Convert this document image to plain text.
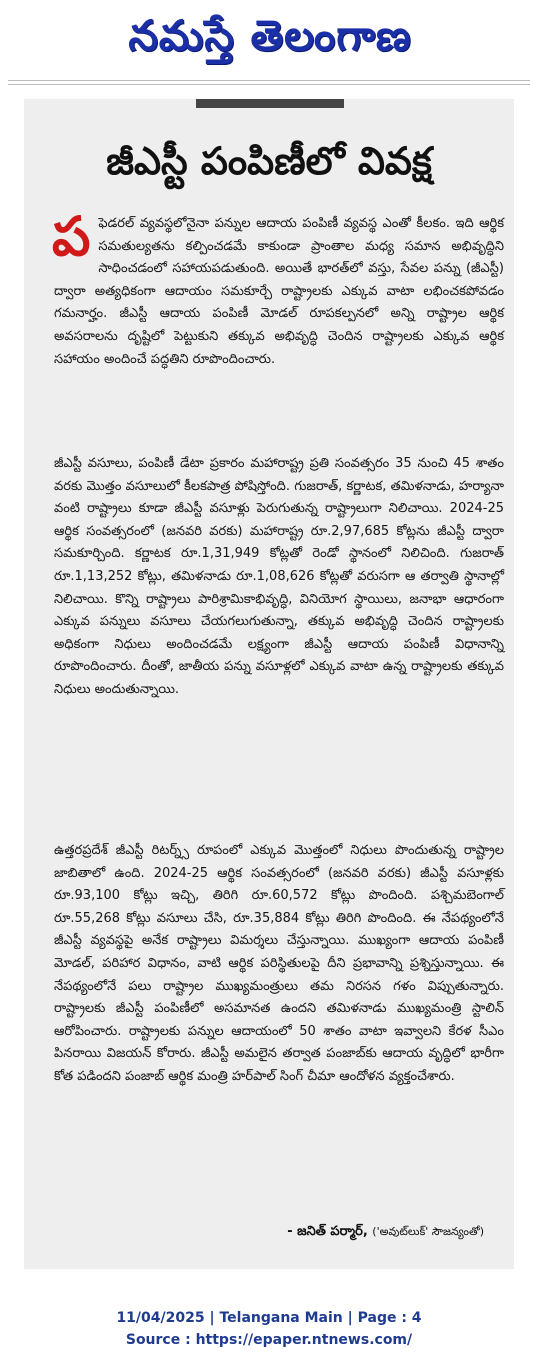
నమస్తే తెలంగాణ
జీఎస్టీ పంపిణీలో వివక్ష
పఫెడరల్ వ్యవస్థలోనైనా పన్నుల ఆదాయ పంపిణీ వ్యవస్థ ఎంతో కీలకం. ఇది ఆర్థిక సమతుల్యతను కల్పించడమే కాకుండా ప్రాంతాల మధ్య సమాన అభివృద్ధిని సాధించడంలో సహాయపడుతుంది. అయితే భారత్‌లో వస్తు, సేవల పన్ను (జీఎస్టీ) ద్వారా అత్యధికంగా ఆదాయం సమకూర్చే రాష్ట్రాలకు ఎక్కువ వాటా లభించకపోవడం గమనార్హం. జీఎస్టీ ఆదాయ పంపిణీ మోడల్ రూపకల్పనలో అన్ని రాష్ట్రాల ఆర్థిక అవసరాలను దృష్టిలో పెట్టుకుని తక్కువ అభివృద్ధి చెందిన రాష్ట్రాలకు ఎక్కువ ఆర్థిక సహాయం అందించే పద్ధతిని రూపొందించారు.
జీఎస్టీ వసూలు, పంపిణీ డేటా ప్రకారం మహారాష్ట్ర ప్రతి సంవత్సరం 35 నుంచి 45 శాతం వరకు మొత్తం వసూలులో కీలకపాత్ర పోషిస్తోంది. గుజరాత్, కర్ణాటక, తమిళనాడు, హర్యానా వంటి రాష్ట్రాలు కూడా జీఎస్టీ వసూళ్లు పెరుగుతున్న రాష్ట్రాలుగా నిలిచాయి. 2024-25 ఆర్థిక సంవత్సరంలో (జనవరి వరకు) మహారాష్ట్ర రూ.2,97,685 కోట్లను జీఎస్టీ ద్వారా సమకూర్చింది. కర్ణాటక రూ.1,31,949 కోట్లతో రెండో స్థానంలో నిలిచింది. గుజరాత్ రూ.1,13,252 కోట్లు, తమిళనాడు రూ.1,08,626 కోట్లతో వరుసగా ఆ తర్వాతి స్థానాల్లో నిలిచాయి. కొన్ని రాష్ట్రాలు పారిశ్రామికాభివృద్ధి, వినియోగ స్థాయిలు, జనాభా ఆధారంగా ఎక్కువ పన్నులు వసూలు చేయగలుగుతున్నా, తక్కువ అభివృద్ధి చెందిన రాష్ట్రాలకు అధికంగా నిధులు అందించడమే లక్ష్యంగా జీఎస్టీ ఆదాయ పంపిణీ విధానాన్ని రూపొందించారు. దీంతో, జాతీయ పన్ను వసూళ్లలో ఎక్కువ వాటా ఉన్న రాష్ట్రాలకు తక్కువ నిధులు అందుతున్నాయి.
ఉత్తరప్రదేశ్ జీఎస్టీ రిటర్న్స్ రూపంలో ఎక్కువ మొత్తంలో నిధులు పొందుతున్న రాష్ట్రాల జాబితాలో ఉంది. 2024-25 ఆర్థిక సంవత్సరంలో (జనవరి వరకు) జీఎస్టీ వసూళ్లకు రూ.93,100 కోట్లు ఇచ్చి, తిరిగి రూ.60,572 కోట్లు పొందింది. పశ్చిమబెంగాల్ రూ.55,268 కోట్లు వసూలు చేసి, రూ.35,884 కోట్లు తిరిగి పొందింది. ఈ నేపథ్యంలోనే జీఎస్టీ వ్యవస్థపై అనేక రాష్ట్రాలు విమర్శలు చేస్తున్నాయి. ముఖ్యంగా ఆదాయ పంపిణీ మోడల్, పరిహార విధానం, వాటి ఆర్థిక పరిస్థితులపై దీని ప్రభావాన్ని ప్రశ్నిస్తున్నాయి. ఈ నేపథ్యంలోనే పలు రాష్ట్రాల ముఖ్యమంత్రులు తమ నిరసన గళం విప్పుతున్నారు. రాష్ట్రాలకు జీఎస్టీ పంపిణీలో అసమానత ఉందని తమిళనాడు ముఖ్యమంత్రి స్టాలిన్ ఆరోపించారు. రాష్ట్రాలకు పన్నుల ఆదాయంలో 50 శాతం వాటా ఇవ్వాలని కేరళ సీఎం పినరాయి విజయన్ కోరారు. జీఎస్టీ అమలైన తర్వాత పంజాబ్‌కు ఆదాయ వృద్ధిలో భారీగా కోత పడిందని పంజాబ్ ఆర్థిక మంత్రి హర్‌పాల్ సింగ్ చీమా ఆందోళన వ్యక్తంచేశారు.
- జనిత్ పర్మార్, ('అవుట్‌లుక్' సౌజన్యంతో)
11/04/2025 | Telangana Main | Page : 4
Source : https://epaper.ntnews.com/
